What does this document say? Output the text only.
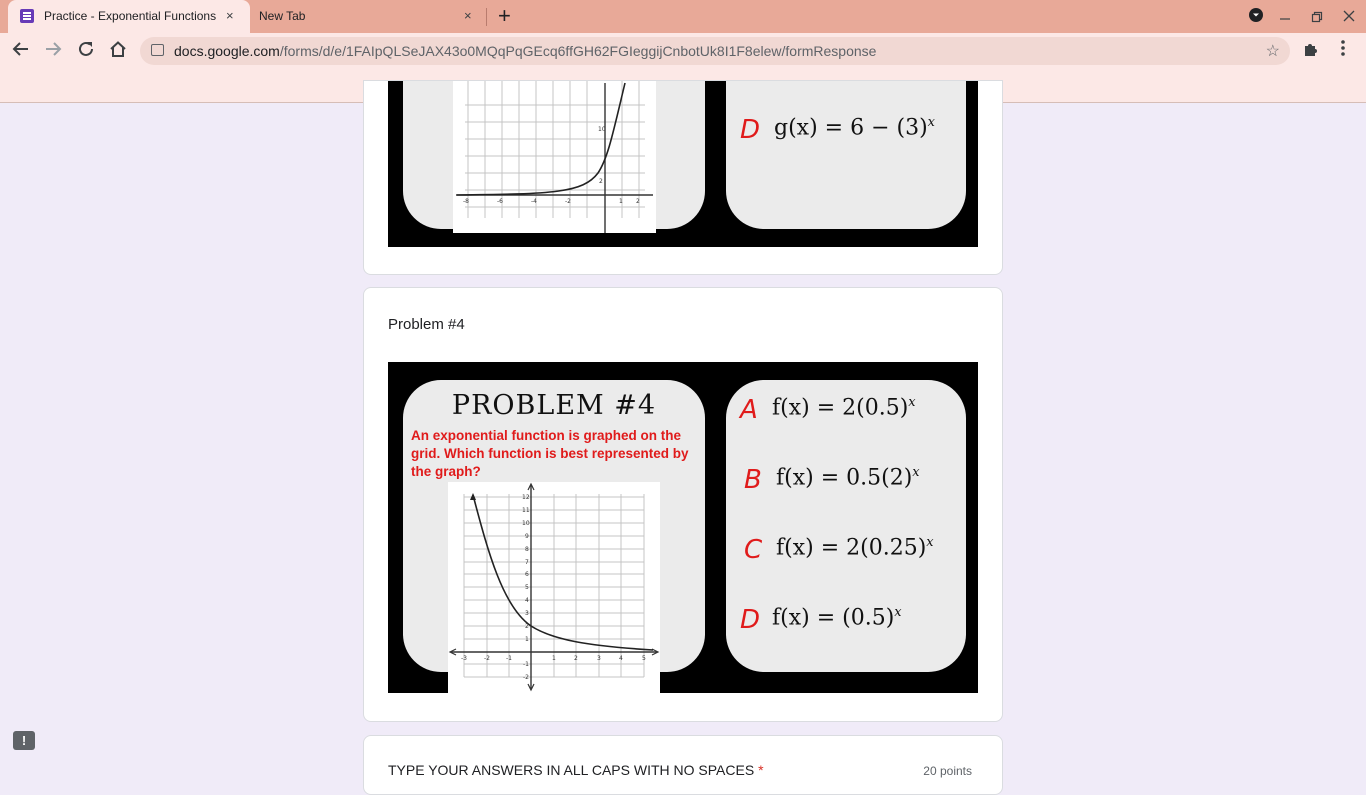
Practice - Exponential Functions × New Tab	× +
docs.google.com/forms/d/e/1FAIpQLSeJAX43o0MQqPqGEcq6ffGH62FGIeggijCnbotUk8I1F8elew/formResponse	☆
10
2
-8	-6	-4	-2	1 2
D $g(x) = 6 - (3)^x$
Problem #4
PROBLEM #4
An exponential function is graphed on the grid. Which function is best represented by the graph?
12
11
10
9
8
7
6
5
4
3
2
1
-1
-2
-3	-2	-1	1	2	3	4	5
A $f(x) = 2(0.5)^x$
B $f(x) = 0.5(2)^x$
C $f(x) = 2(0.25)^x$
D $f(x) = (0.5)^x$
TYPE YOUR ANSWERS IN ALL CAPS WITH NO SPACES *	20 points
!
